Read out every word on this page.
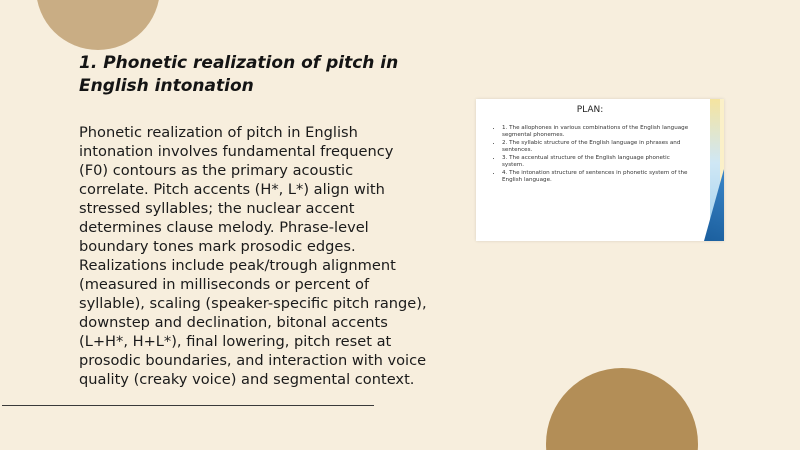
1. Phonetic realization of pitch in English intonation

Phonetic realization of pitch in English intonation involves fundamental frequency (F0) contours as the primary acoustic correlate. Pitch accents (H*, L*) align with stressed syllables; the nuclear accent determines clause melody. Phrase-level boundary tones mark prosodic edges. Realizations include peak/trough alignment (measured in milliseconds or percent of syllable), scaling (speaker-specific pitch range), downstep and declination, bitonal accents (L+H*, H+L*), final lowering, pitch reset at prosodic boundaries, and interaction with voice quality (creaky voice) and segmental context.

PLAN:

• 1. The allophones in various combinations of the English language segmental phonemes.
• 2. The syllabic structure of the English language in phrases and sentences.
• 3. The accentual structure of the English language phonetic system.
• 4. The intonation structure of sentences in phonetic system of the English language.
